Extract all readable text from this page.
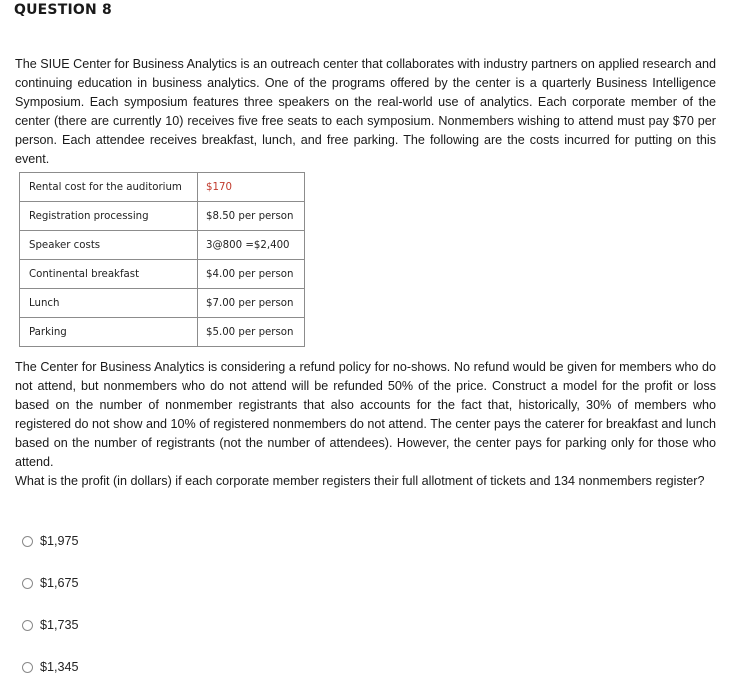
QUESTION 8

The SIUE Center for Business Analytics is an outreach center that collaborates with industry partners on applied research and continuing education in business analytics. One of the programs offered by the center is a quarterly Business Intelligence Symposium. Each symposium features three speakers on the real-world use of analytics. Each corporate member of the center (there are currently 10) receives five free seats to each symposium. Nonmembers wishing to attend must pay $70 per person. Each attendee receives breakfast, lunch, and free parking. The following are the costs incurred for putting on this event.

Rental cost for the auditorium	$170
Registration processing	$8.50 per person
Speaker costs	3@800 =$2,400
Continental breakfast	$4.00 per person
Lunch	$7.00 per person
Parking	$5.00 per person

The Center for Business Analytics is considering a refund policy for no-shows. No refund would be given for members who do not attend, but nonmembers who do not attend will be refunded 50% of the price. Construct a model for the profit or loss based on the number of nonmember registrants that also accounts for the fact that, historically, 30% of members who registered do not show and 10% of registered nonmembers do not attend. The center pays the caterer for breakfast and lunch based on the number of registrants (not the number of attendees). However, the center pays for parking only for those who attend.
What is the profit (in dollars) if each corporate member registers their full allotment of tickets and 134 nonmembers register?

$1,975
$1,675
$1,735
$1,345
